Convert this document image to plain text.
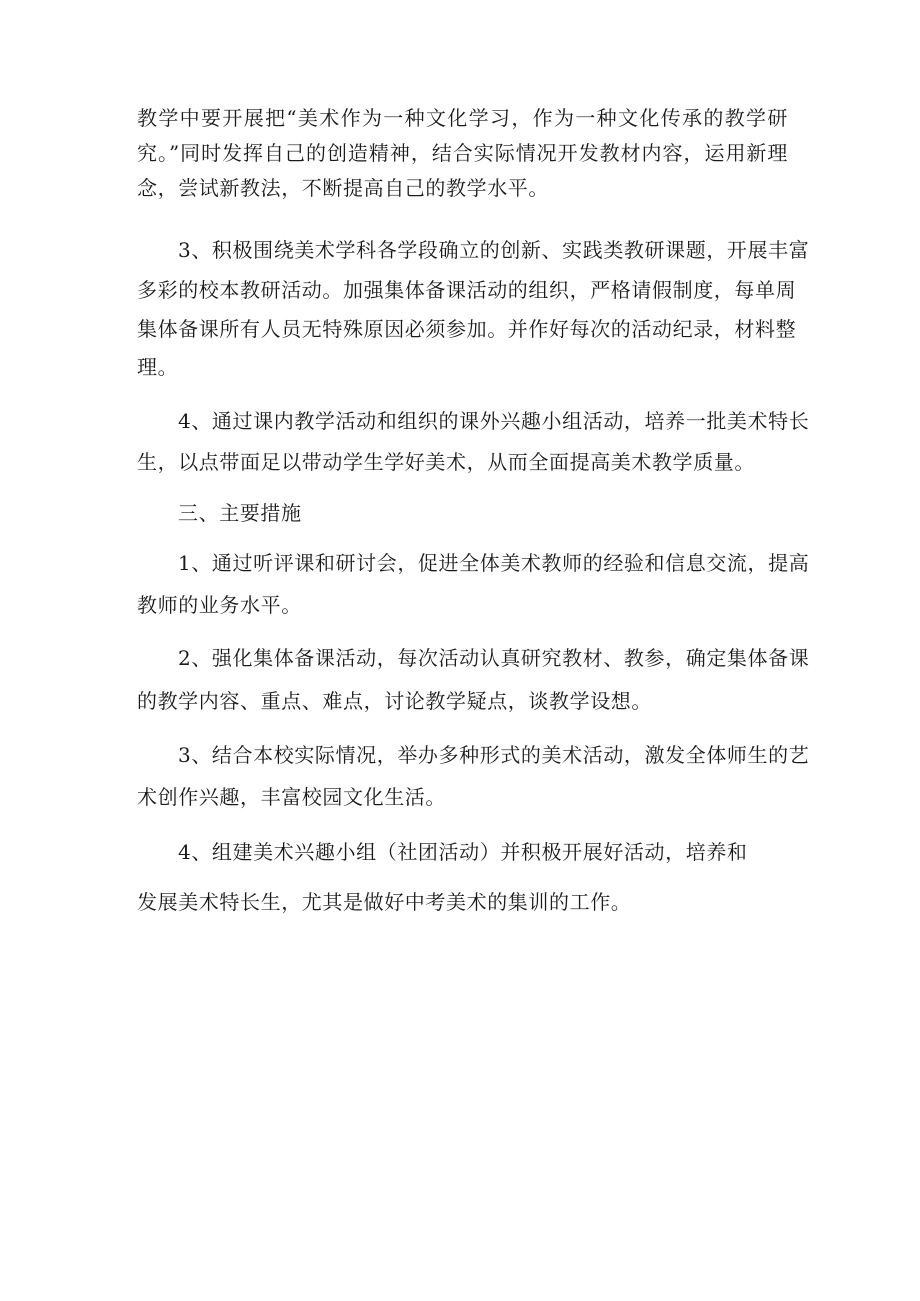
教学中要开展把“美术作为一种文化学习，作为一种文化传承的教学研
究。”同时发挥自己的创造精神，结合实际情况开发教材内容，运用新理
念，尝试新教法，不断提高自己的教学水平。
3、积极围绕美术学科各学段确立的创新、实践类教研课题，开展丰富
多彩的校本教研活动。加强集体备课活动的组织，严格请假制度，每单周
集体备课所有人员无特殊原因必须参加。并作好每次的活动纪录，材料整
理。
4、通过课内教学活动和组织的课外兴趣小组活动，培养一批美术特长
生，以点带面足以带动学生学好美术，从而全面提高美术教学质量。
三、主要措施
1、通过听评课和研讨会，促进全体美术教师的经验和信息交流，提高
教师的业务水平。
2、强化集体备课活动，每次活动认真研究教材、教参，确定集体备课
的教学内容、重点、难点，讨论教学疑点，谈教学设想。
3、结合本校实际情况，举办多种形式的美术活动，激发全体师生的艺
术创作兴趣，丰富校园文化生活。
4、组建美术兴趣小组（社团活动）并积极开展好活动，培养和
发展美术特长生，尤其是做好中考美术的集训的工作。
